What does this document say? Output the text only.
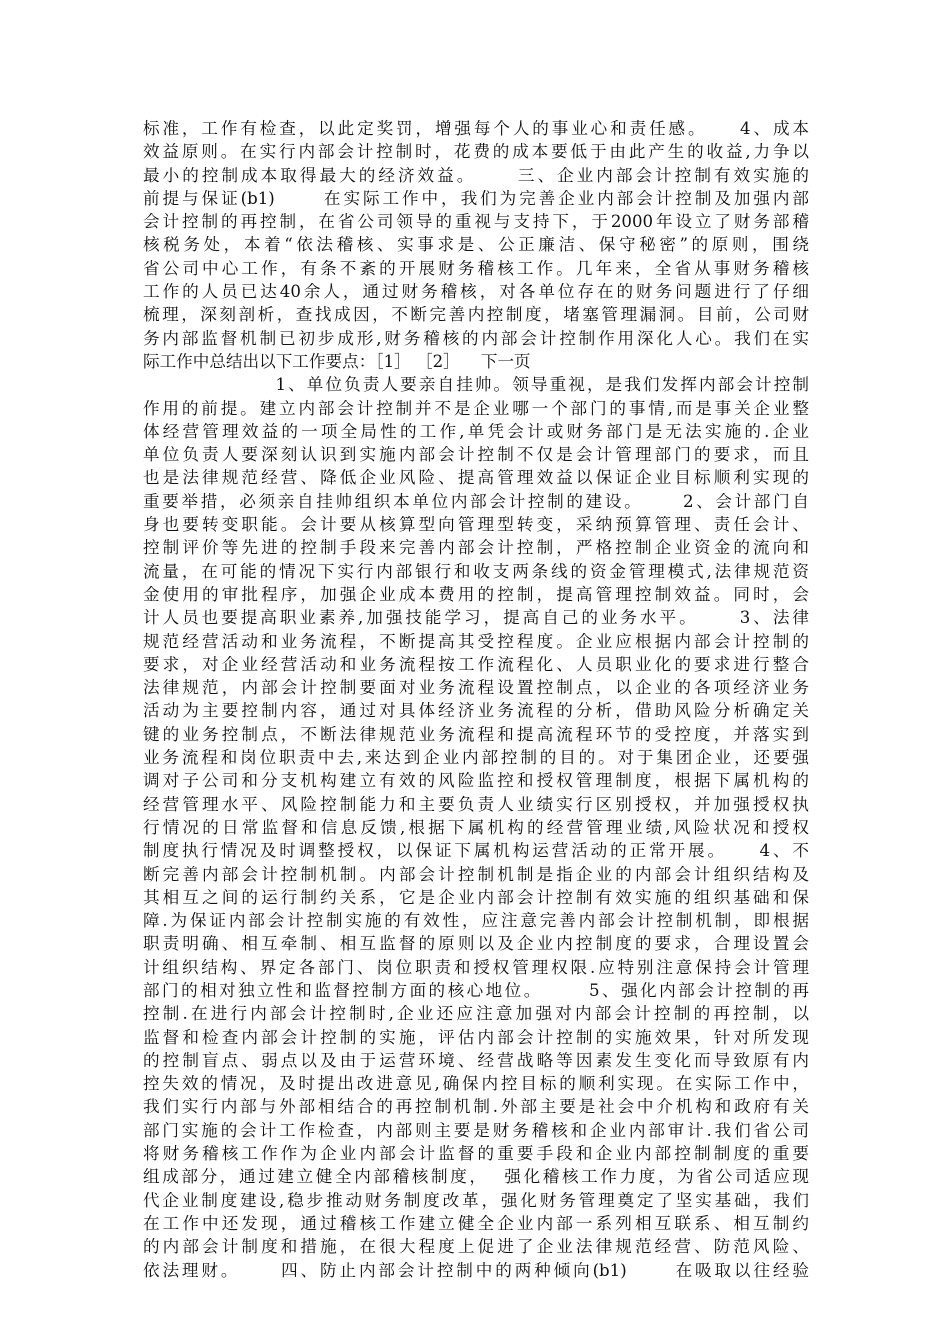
标准，工作有检查，以此定奖罚，增强每个人的事业心和责任感。    4、成本
效益原则。在实行内部会计控制时，花费的成本要低于由此产生的收益,力争以
最小的控制成本取得最大的经济效益。     三、企业内部会计控制有效实施的
前提与保证(b1)      在实际工作中，我们为完善企业内部会计控制及加强内部
会计控制的再控制，在省公司领导的重视与支持下，于2000年设立了财务部稽
核税务处，本着“依法稽核、实事求是、公正廉洁、保守秘密”的原则，围绕
省公司中心工作，有条不紊的开展财务稽核工作。几年来，全省从事财务稽核
工作的人员已达40余人，通过财务稽核，对各单位存在的财务问题进行了仔细
梳理，深刻剖析，查找成因，不断完善内控制度，堵塞管理漏洞。目前，公司财
务内部监督机制已初步成形,财务稽核的内部会计控制作用深化人心。我们在实
际工作中总结出以下工作要点：［1］ ［2］    下一页
1、单位负责人要亲自挂帅。领导重视，是我们发挥内部会计控制
作用的前提。建立内部会计控制并不是企业哪一个部门的事情,而是事关企业整
体经营管理效益的一项全局性的工作,单凭会计或财务部门是无法实施的.企业
单位负责人要深刻认识到实施内部会计控制不仅是会计管理部门的要求，而且
也是法律规范经营、降低企业风险、提高管理效益以保证企业目标顺利实现的
重要举措，必须亲自挂帅组织本单位内部会计控制的建设。     2、会计部门自
身也要转变职能。会计要从核算型向管理型转变，采纳预算管理、责任会计、
控制评价等先进的控制手段来完善内部会计控制，严格控制企业资金的流向和
流量，在可能的情况下实行内部银行和收支两条线的资金管理模式,法律规范资
金使用的审批程序，加强企业成本费用的控制，提高管理控制效益。同时，会
计人员也要提高职业素养,加强技能学习，提高自己的业务水平。     3、法律
规范经营活动和业务流程，不断提高其受控程度。企业应根据内部会计控制的
要求，对企业经营活动和业务流程按工作流程化、人员职业化的要求进行整合
法律规范，内部会计控制要面对业务流程设置控制点，以企业的各项经济业务
活动为主要控制内容，通过对具体经济业务流程的分析，借助风险分析确定关
键的业务控制点，不断法律规范业务流程和提高流程环节的受控度，并落实到
业务流程和岗位职责中去,来达到企业内部控制的目的。对于集团企业，还要强
调对子公司和分支机构建立有效的风险监控和授权管理制度，根据下属机构的
经营管理水平、风险控制能力和主要负责人业绩实行区别授权，并加强授权执
行情况的日常监督和信息反馈,根据下属机构的经营管理业绩,风险状况和授权
制度执行情况及时调整授权，以保证下属机构运营活动的正常开展。    4、不
断完善内部会计控制机制。内部会计控制机制是指企业的内部会计组织结构及
其相互之间的运行制约关系，它是企业内部会计控制有效实施的组织基础和保
障.为保证内部会计控制实施的有效性，应注意完善内部会计控制机制，即根据
职责明确、相互牵制、相互监督的原则以及企业内控制度的要求，合理设置会
计组织结构、界定各部门、岗位职责和授权管理权限.应特别注意保持会计管理
部门的相对独立性和监督控制方面的核心地位。      5、强化内部会计控制的再
控制.在进行内部会计控制时,企业还应注意加强对内部会计控制的再控制，以
监督和检查内部会计控制的实施，评估内部会计控制的实施效果，针对所发现
的控制盲点、弱点以及由于运营环境、经营战略等因素发生变化而导致原有内
控失效的情况，及时提出改进意见,确保内控目标的顺利实现。在实际工作中，
我们实行内部与外部相结合的再控制机制.外部主要是社会中介机构和政府有关
部门实施的会计工作检查，内部则主要是财务稽核和企业内部审计.我们省公司
将财务稽核工作作为企业内部会计监督的重要手段和企业内部控制制度的重要
组成部分，通过建立健全内部稽核制度，  强化稽核工作力度，为省公司适应现
代企业制度建设,稳步推动财务制度改革，强化财务管理奠定了坚实基础，我们
在工作中还发现，通过稽核工作建立健全企业内部一系列相互联系、相互制约
的内部会计制度和措施，在很大程度上促进了企业法律规范经营、防范风险、
依法理财。     四、防止内部会计控制中的两种倾向(b1)      在吸取以往经验
